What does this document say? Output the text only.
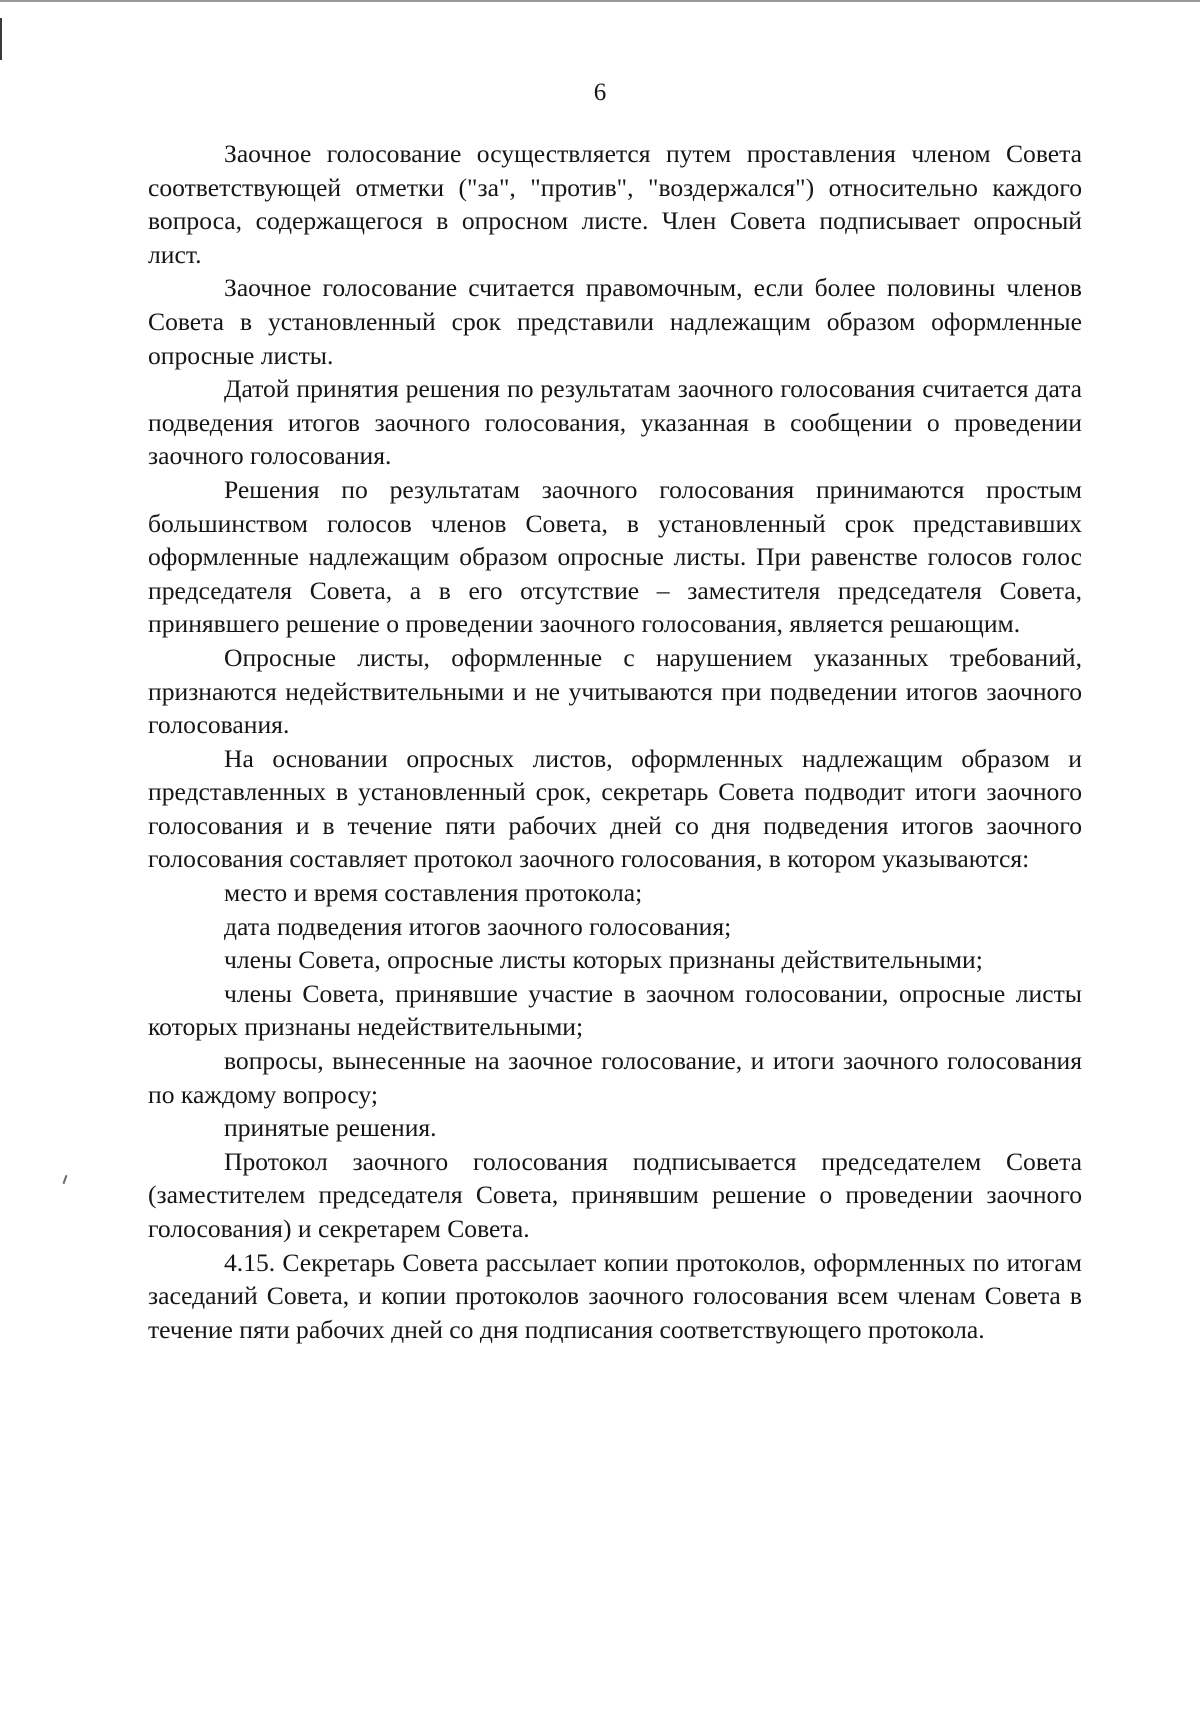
6

Заочное голосование осуществляется путем проставления членом Совета соответствующей отметки ("за", "против", "воздержался") относительно каждого вопроса, содержащегося в опросном листе. Член Совета подписывает опросный лист.

Заочное голосование считается правомочным, если более половины членов Совета в установленный срок представили надлежащим образом оформленные опросные листы.

Датой принятия решения по результатам заочного голосования считается дата подведения итогов заочного голосования, указанная в сообщении о проведении заочного голосования.

Решения по результатам заочного голосования принимаются простым большинством голосов членов Совета, в установленный срок представивших оформленные надлежащим образом опросные листы. При равенстве голосов голос председателя Совета, а в его отсутствие – заместителя председателя Совета, принявшего решение о проведении заочного голосования, является решающим.

Опросные листы, оформленные с нарушением указанных требований, признаются недействительными и не учитываются при подведении итогов заочного голосования.

На основании опросных листов, оформленных надлежащим образом и представленных в установленный срок, секретарь Совета подводит итоги заочного голосования и в течение пяти рабочих дней со дня подведения итогов заочного голосования составляет протокол заочного голосования, в котором указываются:

место и время составления протокола;

дата подведения итогов заочного голосования;

члены Совета, опросные листы которых признаны действительными;

члены Совета, принявшие участие в заочном голосовании, опросные листы которых признаны недействительными;

вопросы, вынесенные на заочное голосование, и итоги заочного голосования по каждому вопросу;

принятые решения.

Протокол заочного голосования подписывается председателем Совета (заместителем председателя Совета, принявшим решение о проведении заочного голосования) и секретарем Совета.

4.15. Секретарь Совета рассылает копии протоколов, оформленных по итогам заседаний Совета, и копии протоколов заочного голосования всем членам Совета в течение пяти рабочих дней со дня подписания соответствующего протокола.
